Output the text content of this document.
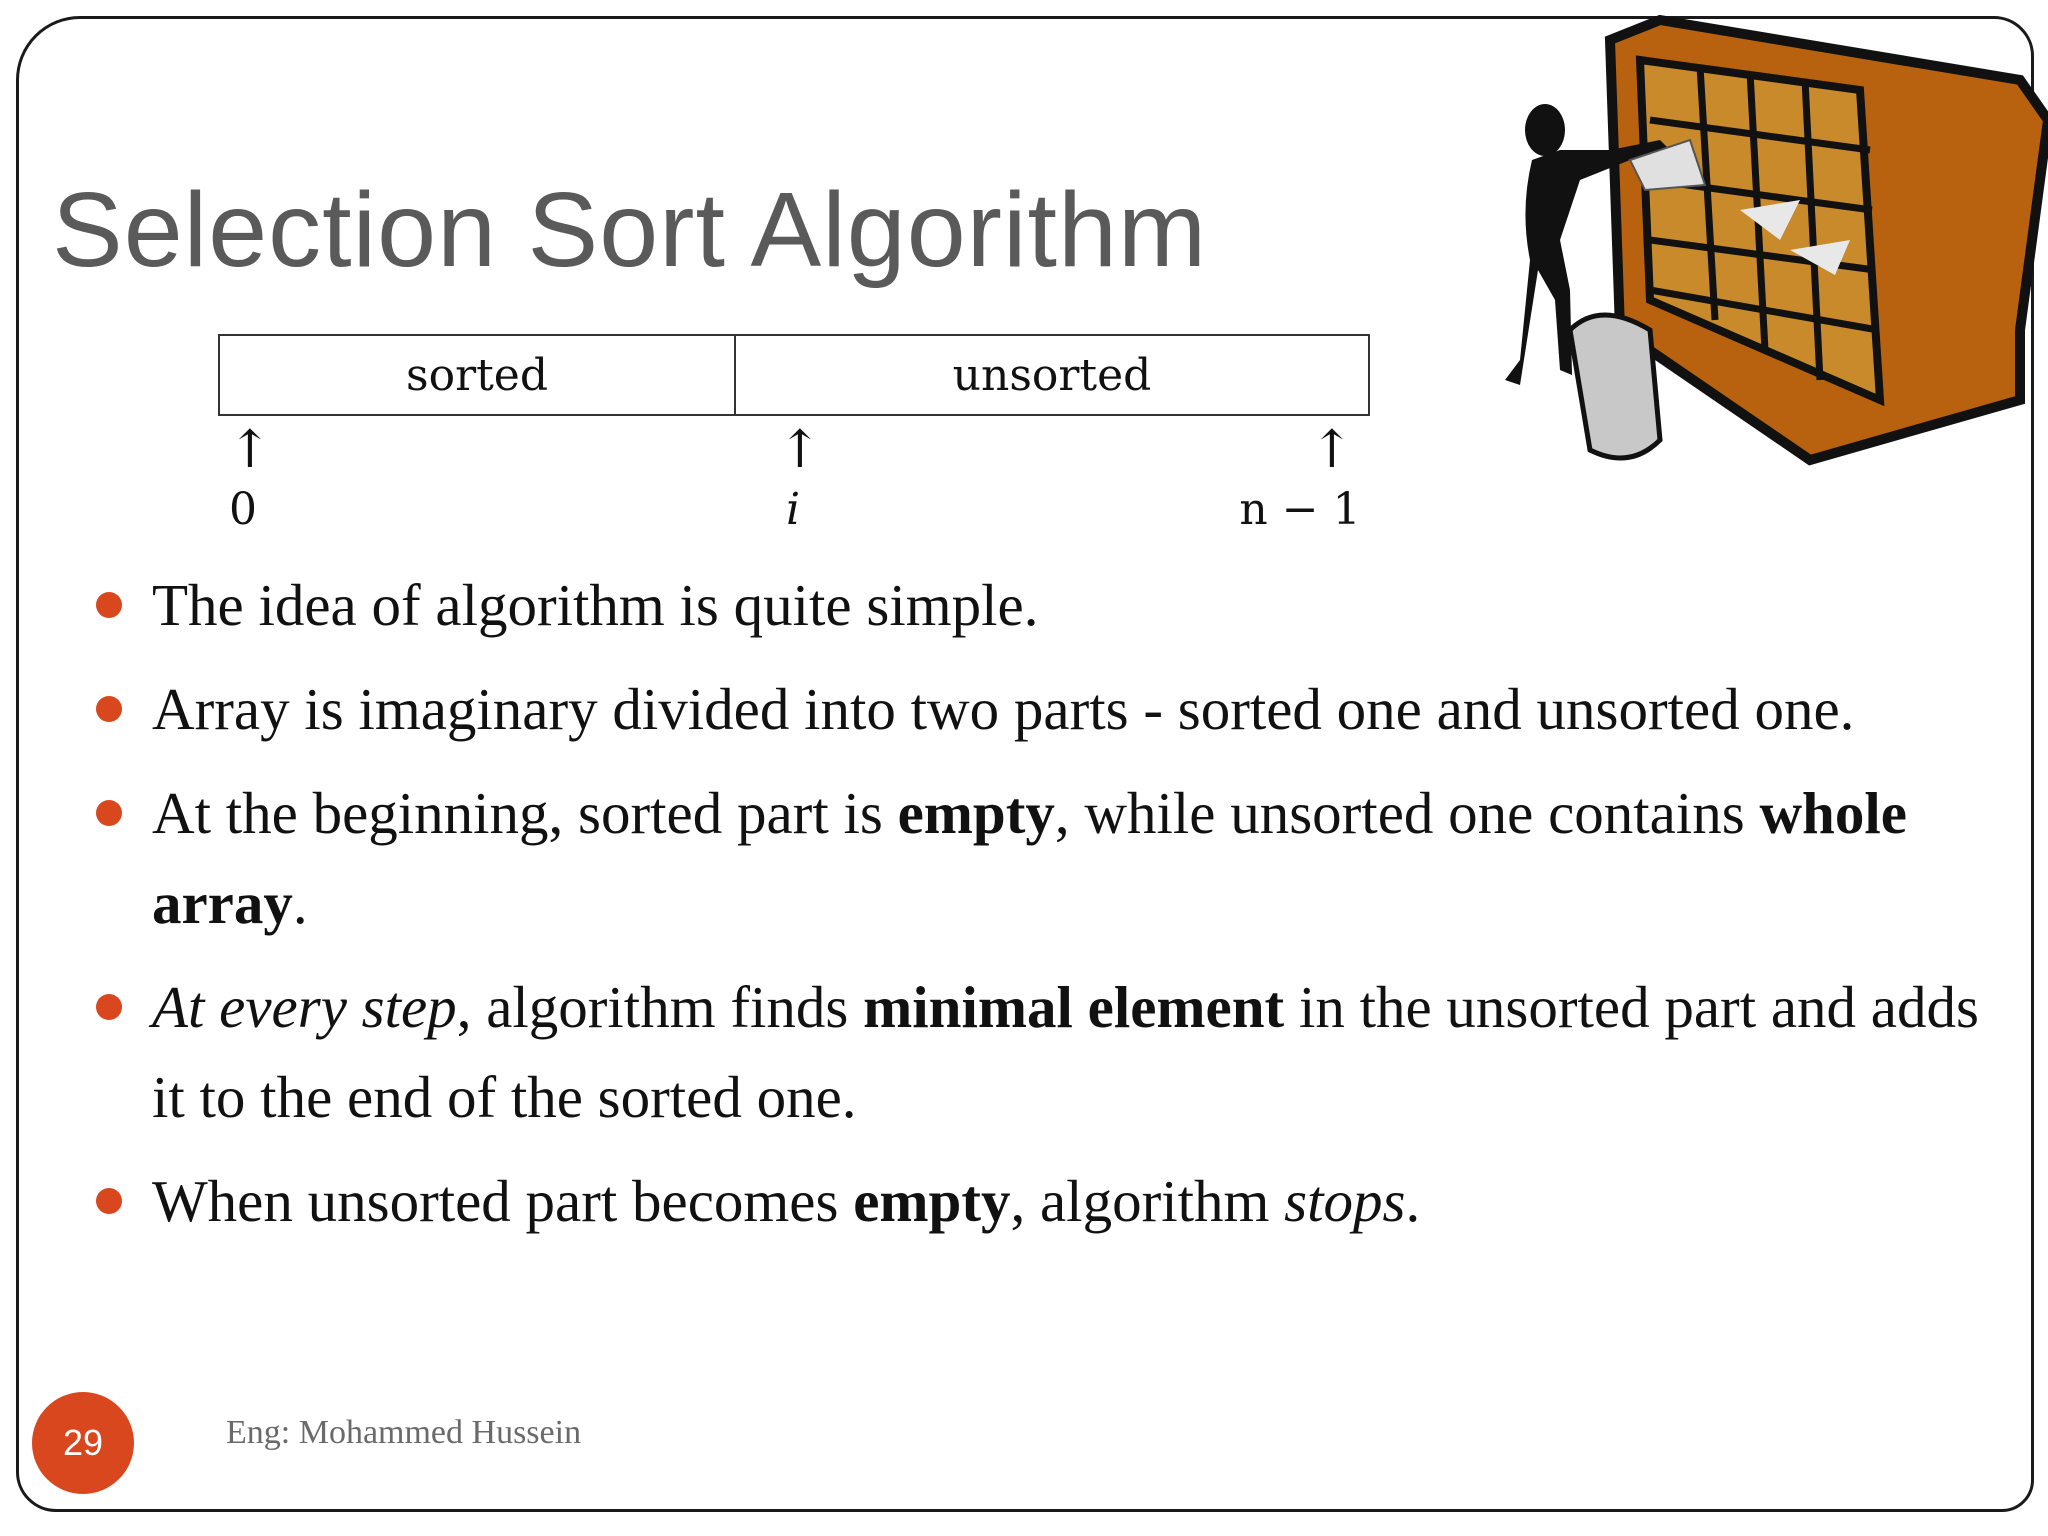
Selection Sort Algorithm
sorted	unsorted
↑
0
↑
i
↑
n − 1
The idea of algorithm is quite simple.
Array is imaginary divided into two parts - sorted one and unsorted one.
At the beginning, sorted part is empty, while unsorted one contains whole array.
At every step, algorithm finds minimal element in the unsorted part and adds it to the end of the sorted one.
When unsorted part becomes empty, algorithm stops.
29	Eng: Mohammed Hussein
